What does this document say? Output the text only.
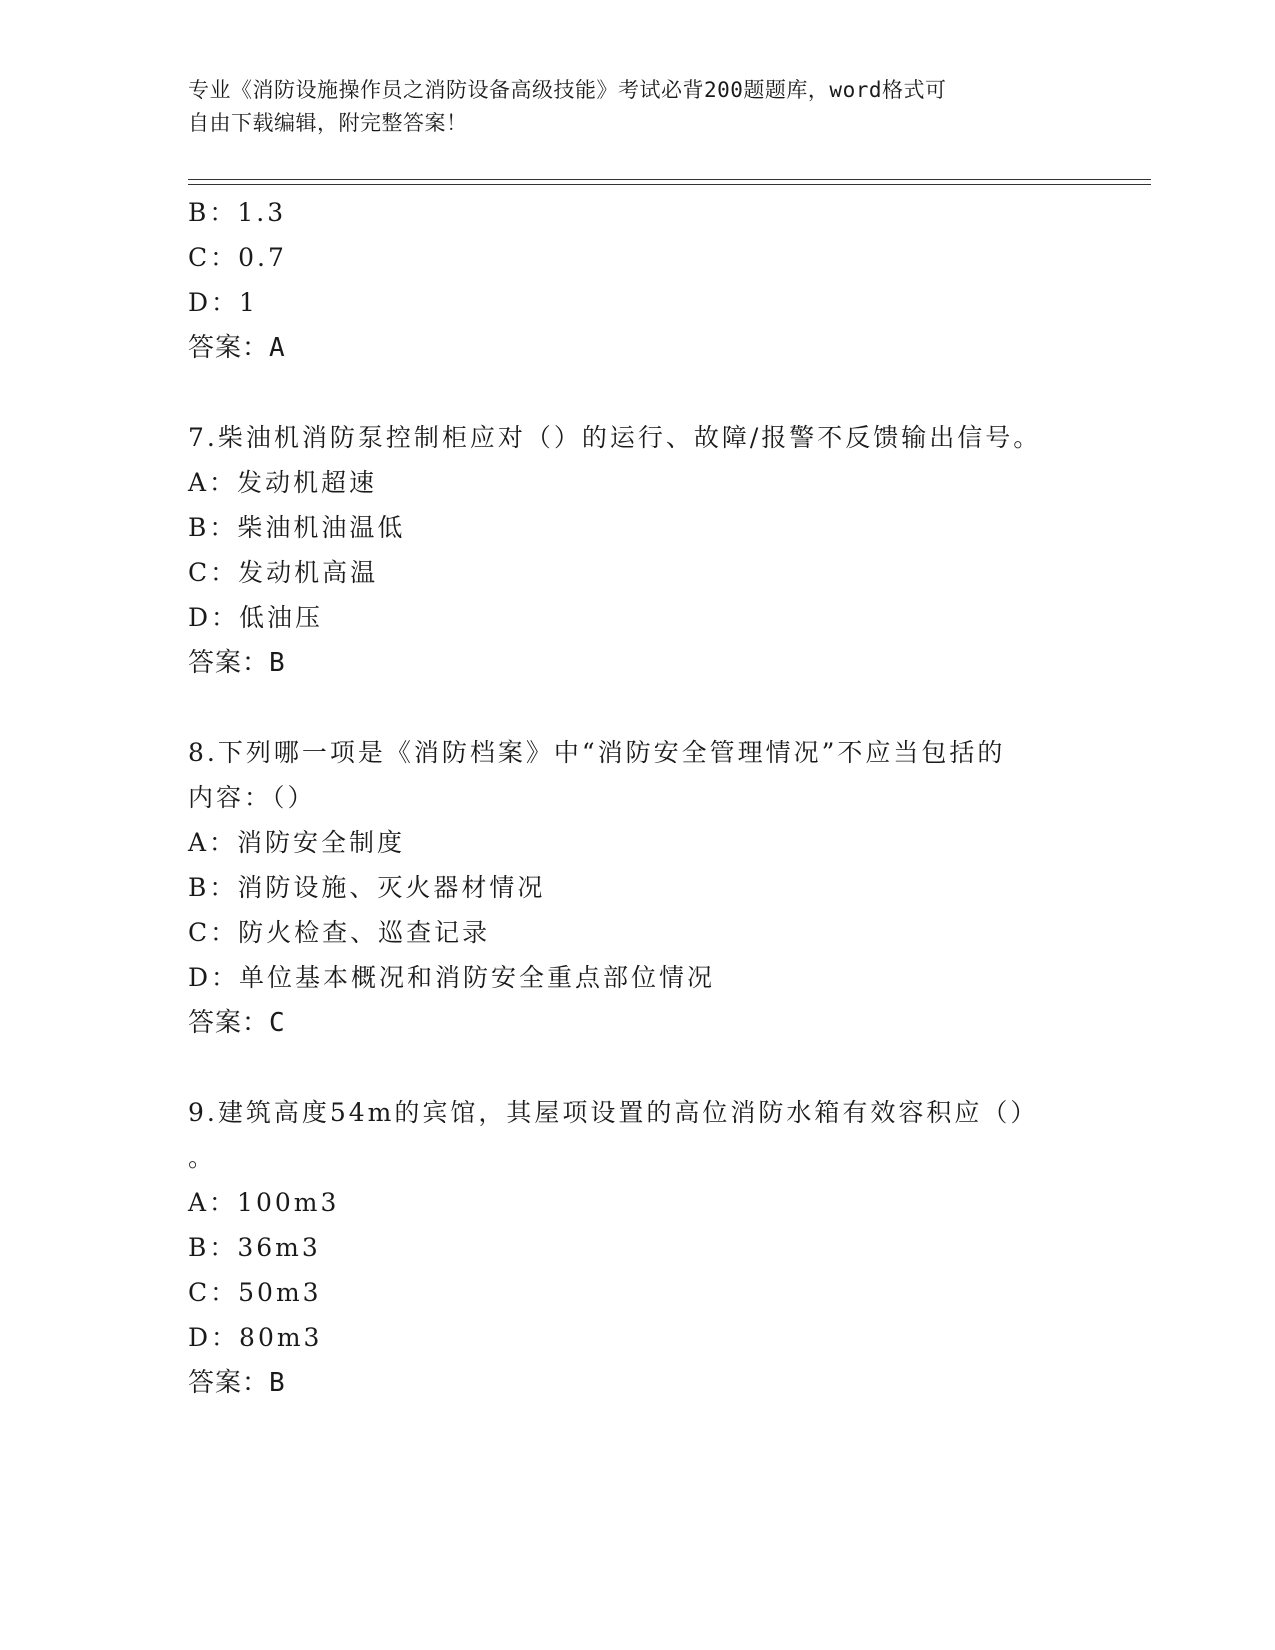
专业《消防设施操作员之消防设备高级技能》考试必背200题题库，word格式可
自由下载编辑，附完整答案！
B：1.3
C：0.7
D：1
答案：A
7.柴油机消防泵控制柜应对（）的运行、故障/报警不反馈输出信号。
A：发动机超速
B：柴油机油温低
C：发动机高温
D：低油压
答案：B
8.下列哪一项是《消防档案》中“消防安全管理情况”不应当包括的
内容：（）
A：消防安全制度
B：消防设施、灭火器材情况
C：防火检查、巡查记录
D：单位基本概况和消防安全重点部位情况
答案：C
9.建筑高度54m的宾馆，其屋项设置的高位消防水箱有效容积应（）
。
A：100m3
B：36m3
C：50m3
D：80m3
答案：B
